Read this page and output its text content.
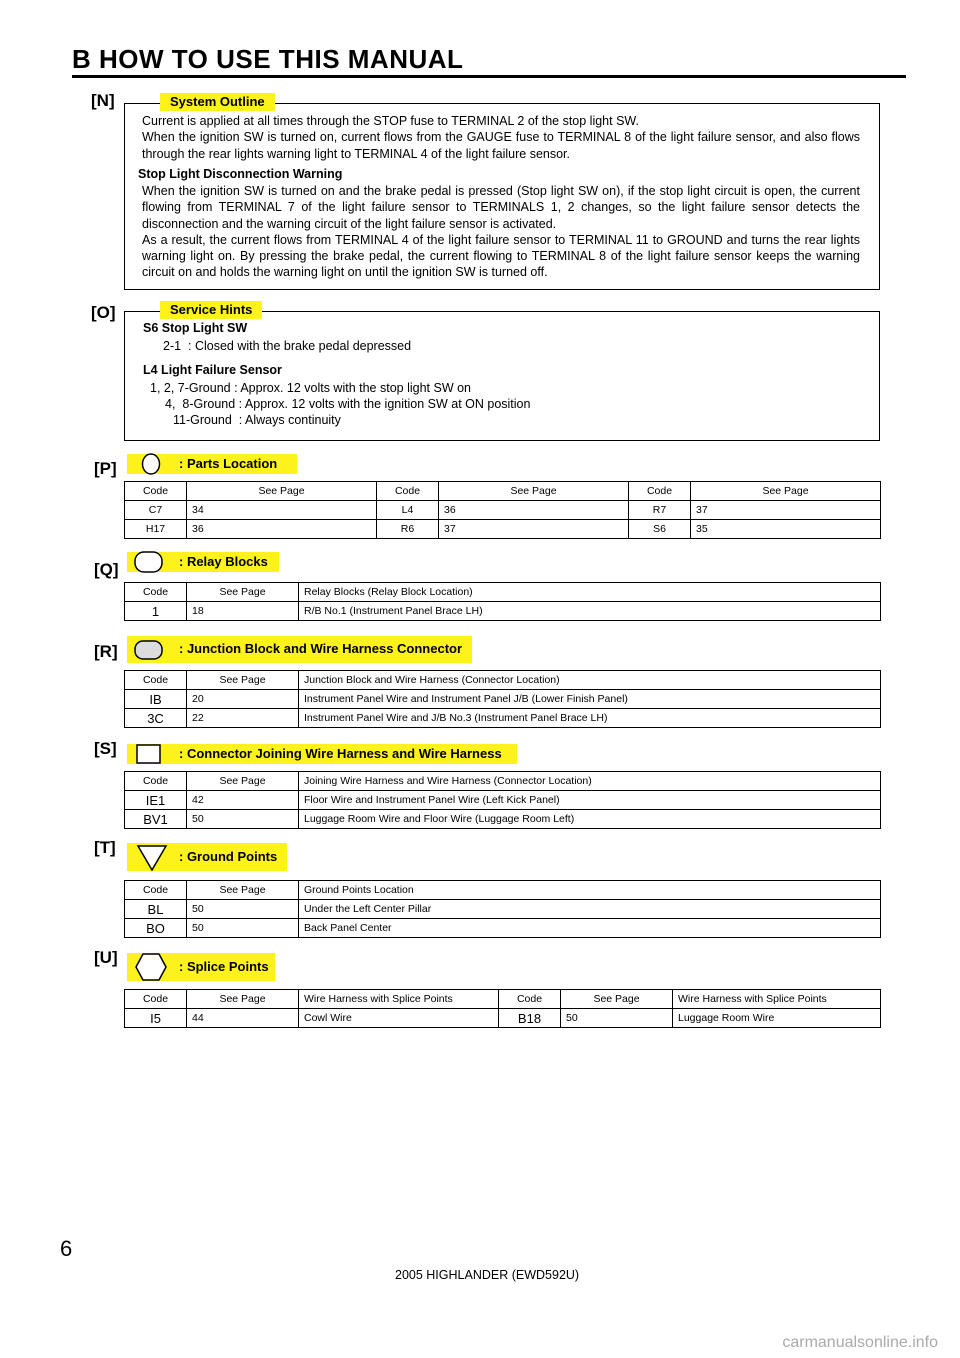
B HOW TO USE THIS MANUAL
[N]	System Outline
Current is applied at all times through the STOP fuse to TERMINAL 2 of the stop light SW.
When the ignition SW is turned on, current flows from the GAUGE fuse to TERMINAL 8 of the light failure sensor, and also flows
through the rear lights warning light to TERMINAL 4 of the light failure sensor.
Stop Light Disconnection Warning
When the ignition SW is turned on and the brake pedal is pressed (Stop light SW on), if the stop light circuit is open, the current
flowing from TERMINAL 7 of the light failure sensor to TERMINALS 1, 2 changes, so the light failure sensor detects the
disconnection and the warning circuit of the light failure sensor is activated.
As a result, the current flows from TERMINAL 4 of the light failure sensor to TERMINAL 11 to GROUND and turns the rear lights
warning light on. By pressing the brake pedal, the current flowing to TERMINAL 8 of the light failure sensor keeps the warning
circuit on and holds the warning light on until the ignition SW is turned off.
[O]	Service Hints
S6 Stop Light SW
2-1  : Closed with the brake pedal depressed
L4 Light Failure Sensor
1, 2, 7-Ground : Approx. 12 volts with the stop light SW on
4,  8-Ground : Approx. 12 volts with the ignition SW at ON position
11-Ground  : Always continuity
[P]	: Parts Location
Code	See Page	Code	See Page	Code	See Page
C7	34	L4	36	R7	37
H17	36	R6	37	S6	35
[Q]	: Relay Blocks
Code	See Page	Relay Blocks (Relay Block Location)
1	18	R/B No.1 (Instrument Panel Brace LH)
[R]	: Junction Block and Wire Harness Connector
Code	See Page	Junction Block and Wire Harness (Connector Location)
IB	20	Instrument Panel Wire and Instrument Panel J/B (Lower Finish Panel)
3C	22	Instrument Panel Wire and J/B No.3 (Instrument Panel Brace LH)
[S]	: Connector Joining Wire Harness and Wire Harness
Code	See Page	Joining Wire Harness and Wire Harness (Connector Location)
IE1	42	Floor Wire and Instrument Panel Wire (Left Kick Panel)
BV1	50	Luggage Room Wire and Floor Wire (Luggage Room Left)
[T]	: Ground Points
Code	See Page	Ground Points Location
BL	50	Under the Left Center Pillar
BO	50	Back Panel Center
[U]	: Splice Points
Code	See Page	Wire Harness with Splice Points	Code	See Page	Wire Harness with Splice Points
I5	44	Cowl Wire	B18	50	Luggage Room Wire
6
2005 HIGHLANDER (EWD592U)
carmanualsonline.info
